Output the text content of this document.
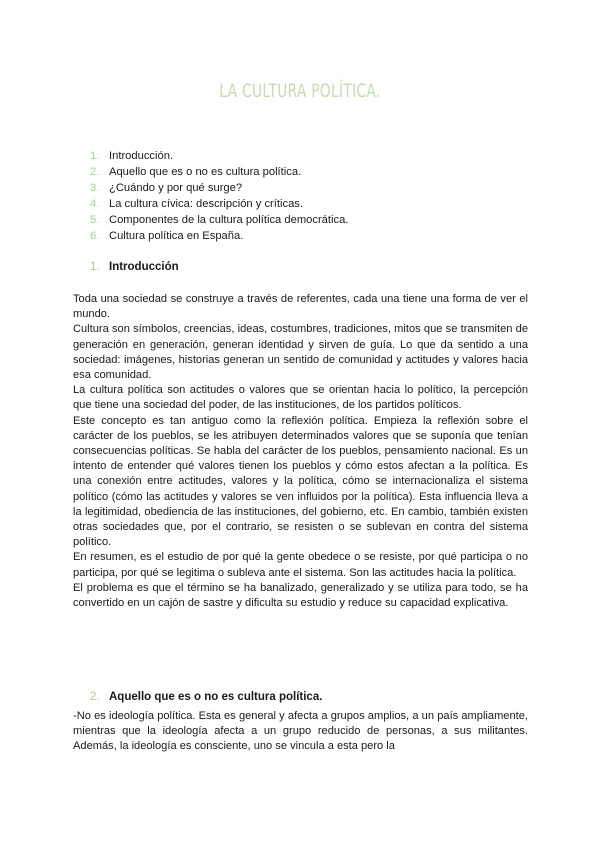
LA CULTURA POLÍTICA.
1. Introducción.
2. Aquello que es o no es cultura política.
3. ¿Cuándo y por qué surge?
4. La cultura cívica: descripción y críticas.
5. Componentes de la cultura política democrática.
6. Cultura política en España.
1. Introducción

Toda una sociedad se construye a través de referentes, cada una tiene una forma de ver el mundo.

Cultura son símbolos, creencias, ideas, costumbres, tradiciones, mitos que se transmiten de generación en generación, generan identidad y sirven de guía. Lo que da sentido a una sociedad: imágenes, historias generan un sentido de comunidad y actitudes y valores hacia esa comunidad.

La cultura política son actitudes o valores que se orientan hacia lo político, la percepción que tiene una sociedad del poder, de las instituciones, de los partidos políticos.

Este concepto es tan antiguo como la reflexión política. Empieza la reflexión sobre el carácter de los pueblos, se les atribuyen determinados valores que se suponía que tenían consecuencias políticas. Se habla del carácter de los pueblos, pensamiento nacional. Es un intento de entender qué valores tienen los pueblos y cómo estos afectan a la política. Es una conexión entre actitudes, valores y la política, cómo se internacionaliza el sistema político (cómo las actitudes y valores se ven influidos por la política). Esta influencia lleva a la legitimidad, obediencia de las instituciones, del gobierno, etc. En cambio, también existen otras sociedades que, por el contrario, se resisten o se sublevan en contra del sistema político.

En resumen, es el estudio de por qué la gente obedece o se resiste, por qué participa o no participa, por qué se legitima o subleva ante el sistema. Son las actitudes hacia la política.

El problema es que el término se ha banalizado, generalizado y se utiliza para todo, se ha convertido en un cajón de sastre y dificulta su estudio y reduce su capacidad explicativa.

2. Aquello que es o no es cultura política.

-No es ideología política. Esta es general y afecta a grupos amplios, a un país ampliamente, mientras que la ideología afecta a un grupo reducido de personas, a sus militantes. Además, la ideología es consciente, uno se vincula a esta pero la
